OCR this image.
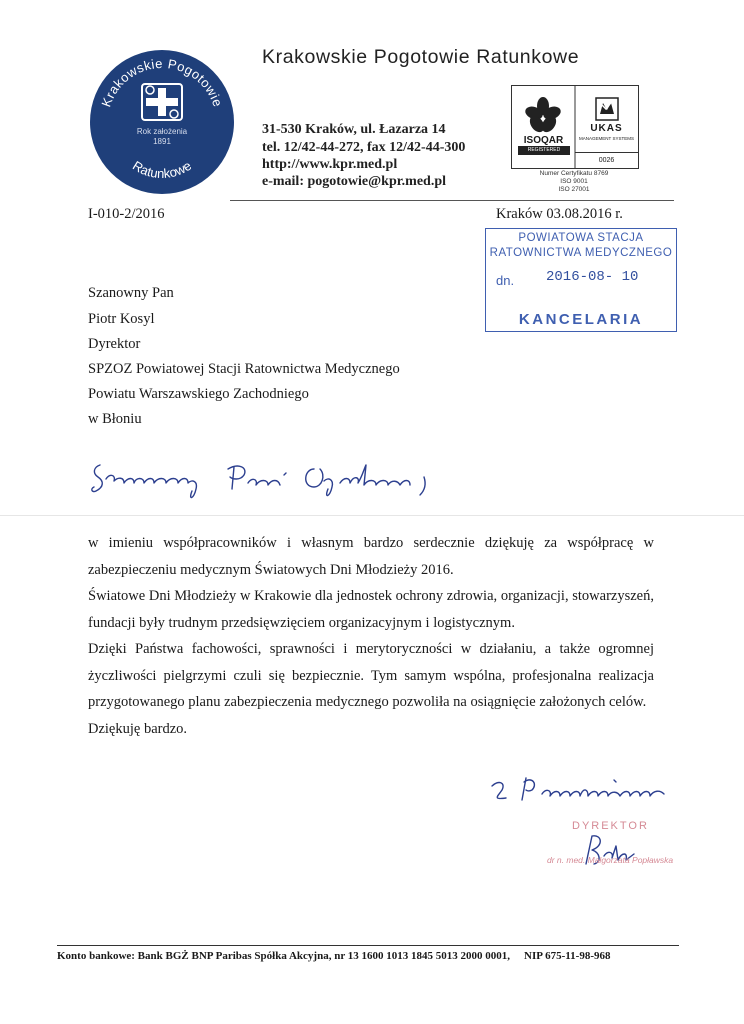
Krakowskie Pogotowie
Ratunkowe
Rok założenia
1891
Krakowskie Pogotowie Ratunkowe
31-530 Kraków, ul. Łazarza 14
tel. 12/42-44-272, fax 12/42-44-300
http://www.kpr.med.pl
e-mail: pogotowie@kpr.med.pl
ISOQAR
REGISTERED
UKAS
MANAGEMENT SYSTEMS
0026
Numer Certyfikatu 8769
ISO 9001
ISO 27001
I-010-2/2016	Kraków 03.08.2016 r.
POWIATOWA STACJA
RATOWNICTWA MEDYCZNEGO
dn. 2016-08- 10
KANCELARIA
Szanowny Pan
Piotr Kosyl
Dyrektor
SPZOZ Powiatowej Stacji Ratownictwa Medycznego
Powiatu Warszawskiego Zachodniego
w Błoniu

w imieniu współpracowników i własnym bardzo serdecznie dziękuję za współpracę w zabezpieczeniu medycznym Światowych Dni Młodzieży 2016.

Światowe Dni Młodzieży w Krakowie dla jednostek ochrony zdrowia, organizacji, stowarzyszeń, fundacji były trudnym przedsięwzięciem organizacyjnym i logistycznym.

Dzięki Państwa fachowości, sprawności i merytoryczności w działaniu, a także ogromnej życzliwości pielgrzymi czuli się bezpiecznie. Tym samym wspólna, profesjonalna realizacja przygotowanego planu zabezpieczenia medycznego pozwoliła na osiągnięcie założonych celów.

Dziękuję bardzo.

DYREKTOR
dr n. med. Małgorzata Popławska
Konto bankowe: Bank BGŻ BNP Paribas Spółka Akcyjna, nr 13 1600 1013 1845 5013 2000 0001, NIP 675-11-98-968
